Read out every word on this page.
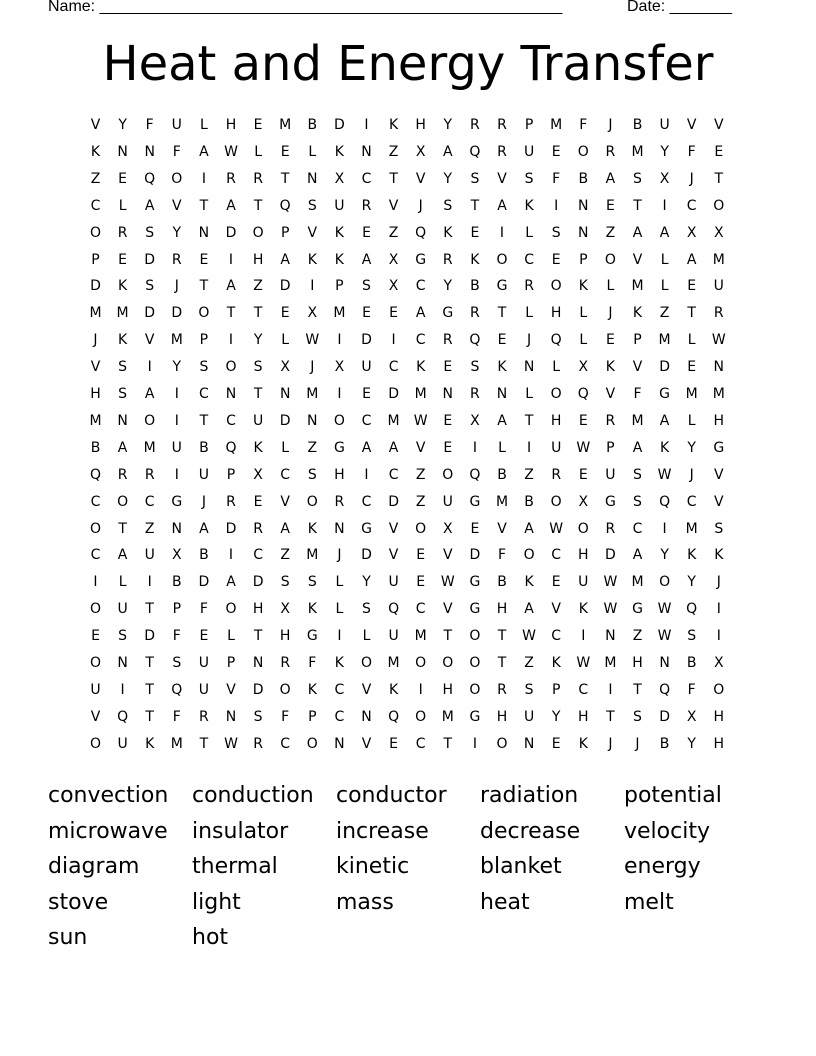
Name: ____________________________________________________	Date: _______
Heat and Energy Transfer
V	Y	F	U	L	H	E	M	B	D	I	K	H	Y	R	R	P	M	F	J	B	U	V	V
K	N	N	F	A	W	L	E	L	K	N	Z	X	A	Q	R	U	E	O	R	M	Y	F	E
Z	E	Q	O	I	R	R	T	N	X	C	T	V	Y	S	V	S	F	B	A	S	X	J	T
C	L	A	V	T	A	T	Q	S	U	R	V	J	S	T	A	K	I	N	E	T	I	C	O
O	R	S	Y	N	D	O	P	V	K	E	Z	Q	K	E	I	L	S	N	Z	A	A	X	X
P	E	D	R	E	I	H	A	K	K	A	X	G	R	K	O	C	E	P	O	V	L	A	M
D	K	S	J	T	A	Z	D	I	P	S	X	C	Y	B	G	R	O	K	L	M	L	E	U
M	M	D	D	O	T	T	E	X	M	E	E	A	G	R	T	L	H	L	J	K	Z	T	R
J	K	V	M	P	I	Y	L	W	I	D	I	C	R	Q	E	J	Q	L	E	P	M	L	W
V	S	I	Y	S	O	S	X	J	X	U	C	K	E	S	K	N	L	X	K	V	D	E	N
H	S	A	I	C	N	T	N	M	I	E	D	M	N	R	N	L	O	Q	V	F	G	M	M
M	N	O	I	T	C	U	D	N	O	C	M	W	E	X	A	T	H	E	R	M	A	L	H
B	A	M	U	B	Q	K	L	Z	G	A	A	V	E	I	L	I	U	W	P	A	K	Y	G
Q	R	R	I	U	P	X	C	S	H	I	C	Z	O	Q	B	Z	R	E	U	S	W	J	V
C	O	C	G	J	R	E	V	O	R	C	D	Z	U	G	M	B	O	X	G	S	Q	C	V
O	T	Z	N	A	D	R	A	K	N	G	V	O	X	E	V	A	W	O	R	C	I	M	S
C	A	U	X	B	I	C	Z	M	J	D	V	E	V	D	F	O	C	H	D	A	Y	K	K
I	L	I	B	D	A	D	S	S	L	Y	U	E	W	G	B	K	E	U	W	M	O	Y	J
O	U	T	P	F	O	H	X	K	L	S	Q	C	V	G	H	A	V	K	W	G	W	Q	I
E	S	D	F	E	L	T	H	G	I	L	U	M	T	O	T	W	C	I	N	Z	W	S	I
O	N	T	S	U	P	N	R	F	K	O	M	O	O	O	T	Z	K	W	M	H	N	B	X
U	I	T	Q	U	V	D	O	K	C	V	K	I	H	O	R	S	P	C	I	T	Q	F	O
V	Q	T	F	R	N	S	F	P	C	N	Q	O	M	G	H	U	Y	H	T	S	D	X	H
O	U	K	M	T	W	R	C	O	N	V	E	C	T	I	O	N	E	K	J	J	B	Y	H
convection conduction conductor radiation potential
microwave insulator increase decrease velocity
diagram thermal	kinetic	blanket	energy
stove	light	mass	heat	melt
sun	hot
